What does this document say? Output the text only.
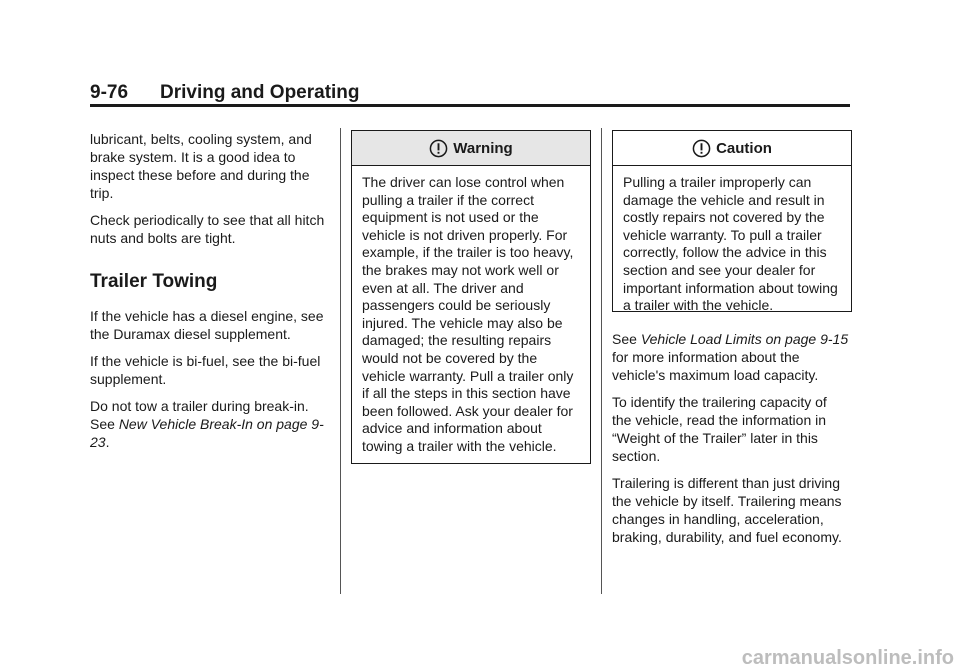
9-76 Driving and Operating

lubricant, belts, cooling system, and brake system. It is a good idea to inspect these before and during the trip.

Check periodically to see that all hitch nuts and bolts are tight.

Trailer Towing

If the vehicle has a diesel engine, see the Duramax diesel supplement.

If the vehicle is bi-fuel, see the bi-fuel supplement.

Do not tow a trailer during break-in. See New Vehicle Break-In on page 9-23.

Warning
The driver can lose control when pulling a trailer if the correct equipment is not used or the vehicle is not driven properly. For example, if the trailer is too heavy, the brakes may not work well or even at all. The driver and passengers could be seriously injured. The vehicle may also be damaged; the resulting repairs would not be covered by the vehicle warranty. Pull a trailer only if all the steps in this section have been followed. Ask your dealer for advice and information about towing a trailer with the vehicle.
Caution
Pulling a trailer improperly can damage the vehicle and result in costly repairs not covered by the vehicle warranty. To pull a trailer correctly, follow the advice in this section and see your dealer for important information about towing a trailer with the vehicle.

See Vehicle Load Limits on page 9-15 for more information about the vehicle's maximum load capacity.

To identify the trailering capacity of the vehicle, read the information in “Weight of the Trailer” later in this section.

Trailering is different than just driving the vehicle by itself. Trailering means changes in handling, acceleration, braking, durability, and fuel economy.

carmanualsonline.info
